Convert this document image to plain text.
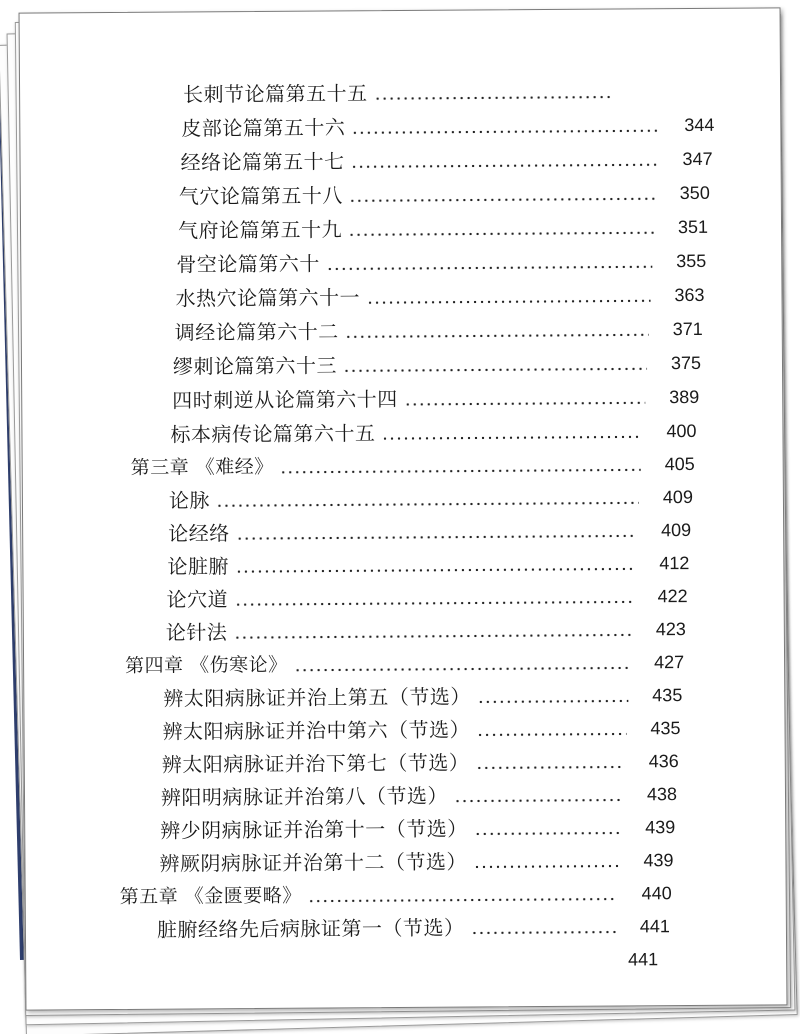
长刺节论篇第五十五
皮部论篇第五十六	344
经络论篇第五十七	347
气穴论篇第五十八	350
气府论篇第五十九	351
骨空论篇第六十	355
水热穴论篇第六十一	363
调经论篇第六十二	371
缪刺论篇第六十三	375
四时刺逆从论篇第六十四	389
标本病传论篇第六十五	400
第三章 《难经》	405
论脉	409
论经络	409
论脏腑	412
论穴道	422
论针法	423
第四章 《伤寒论》	427
辨太阳病脉证并治上第五（节选）	435
辨太阳病脉证并治中第六（节选）	435
辨太阳病脉证并治下第七（节选）	436
辨阳明病脉证并治第八（节选）	438
辨少阴病脉证并治第十一（节选）	439
辨厥阴病脉证并治第十二（节选）	439
第五章 《金匮要略》	440
脏腑经络先后病脉证第一（节选）	441
441
